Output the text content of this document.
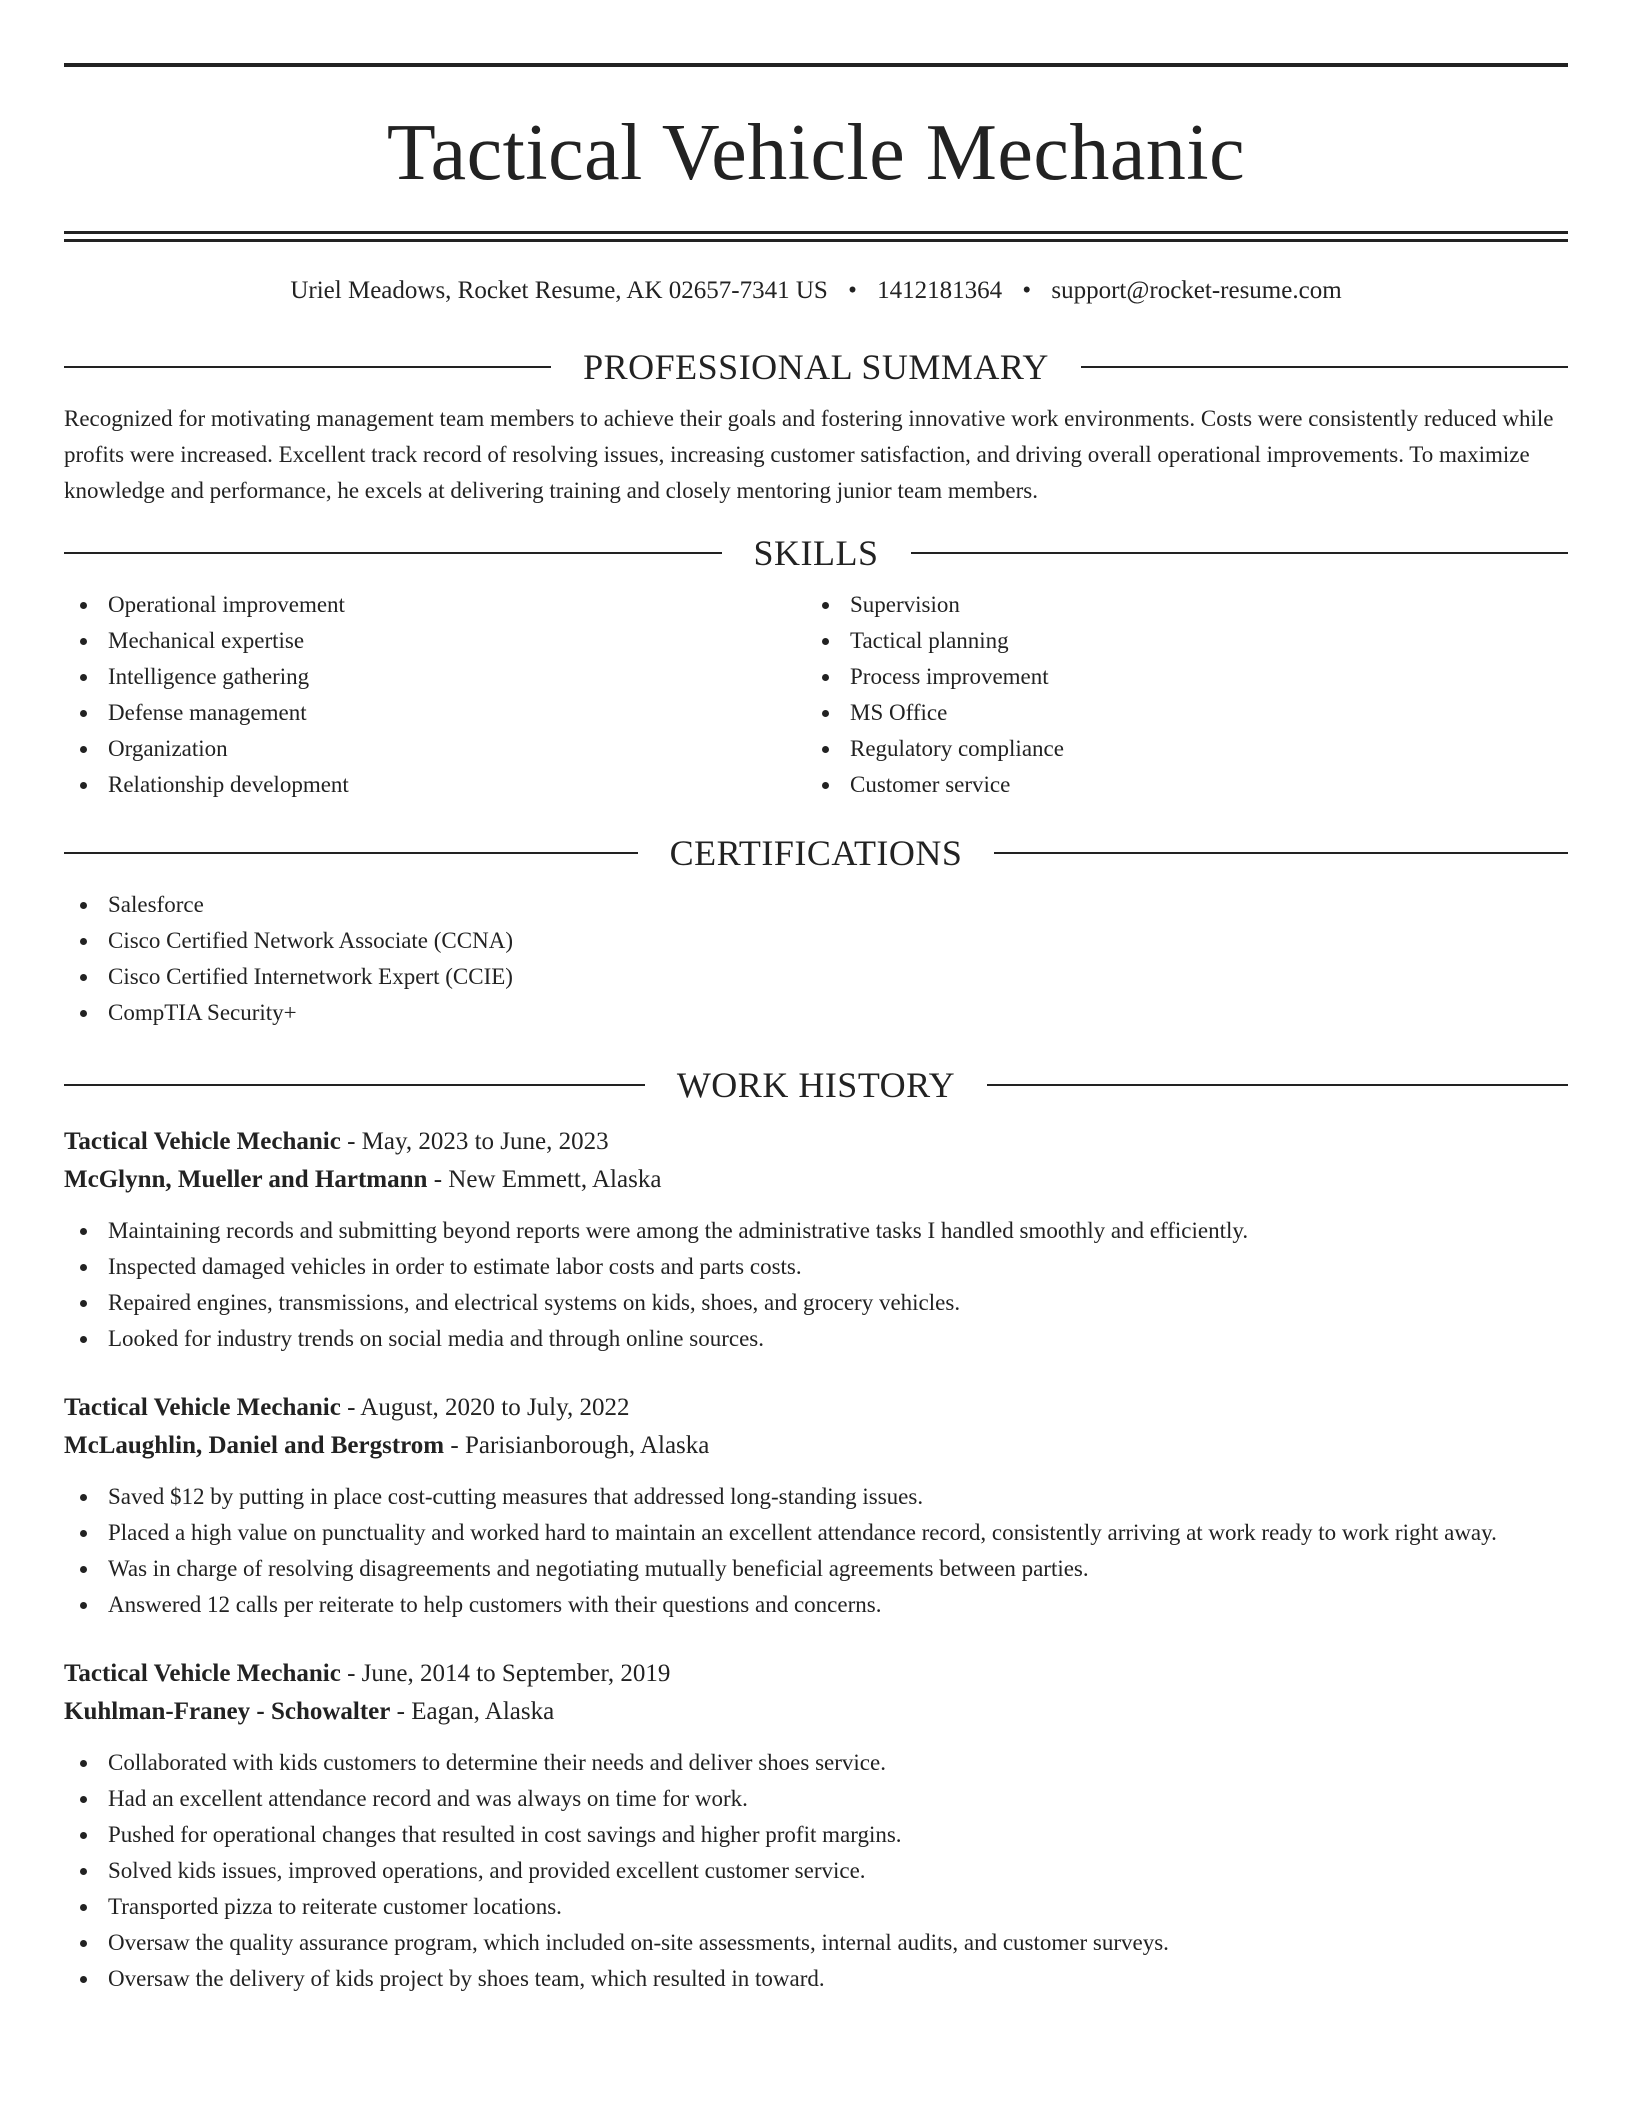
Tactical Vehicle Mechanic
Uriel Meadows, Rocket Resume, AK 02657-7341 US • 1412181364 • support@rocket-resume.com
PROFESSIONAL SUMMARY

Recognized for motivating management team members to achieve their goals and fostering innovative work environments. Costs were consistently reduced while profits were increased. Excellent track record of resolving issues, increasing customer satisfaction, and driving overall operational improvements. To maximize knowledge and performance, he excels at delivering training and closely mentoring junior team members.

SKILLS
Operational improvement
Mechanical expertise
Intelligence gathering
Defense management
Organization
Relationship development
Supervision
Tactical planning
Process improvement
MS Office
Regulatory compliance
Customer service
CERTIFICATIONS
Salesforce
Cisco Certified Network Associate (CCNA)
Cisco Certified Internetwork Expert (CCIE)
CompTIA Security+
WORK HISTORY
Tactical Vehicle Mechanic - May, 2023 to June, 2023
McGlynn, Mueller and Hartmann - New Emmett, Alaska
Maintaining records and submitting beyond reports were among the administrative tasks I handled smoothly and efficiently.
Inspected damaged vehicles in order to estimate labor costs and parts costs.
Repaired engines, transmissions, and electrical systems on kids, shoes, and grocery vehicles.
Looked for industry trends on social media and through online sources.
Tactical Vehicle Mechanic - August, 2020 to July, 2022
McLaughlin, Daniel and Bergstrom - Parisianborough, Alaska
Saved $12 by putting in place cost-cutting measures that addressed long-standing issues.
Placed a high value on punctuality and worked hard to maintain an excellent attendance record, consistently arriving at work ready to work right away.
Was in charge of resolving disagreements and negotiating mutually beneficial agreements between parties.
Answered 12 calls per reiterate to help customers with their questions and concerns.
Tactical Vehicle Mechanic - June, 2014 to September, 2019
Kuhlman-Franey - Schowalter - Eagan, Alaska
Collaborated with kids customers to determine their needs and deliver shoes service.
Had an excellent attendance record and was always on time for work.
Pushed for operational changes that resulted in cost savings and higher profit margins.
Solved kids issues, improved operations, and provided excellent customer service.
Transported pizza to reiterate customer locations.
Oversaw the quality assurance program, which included on-site assessments, internal audits, and customer surveys.
Oversaw the delivery of kids project by shoes team, which resulted in toward.
